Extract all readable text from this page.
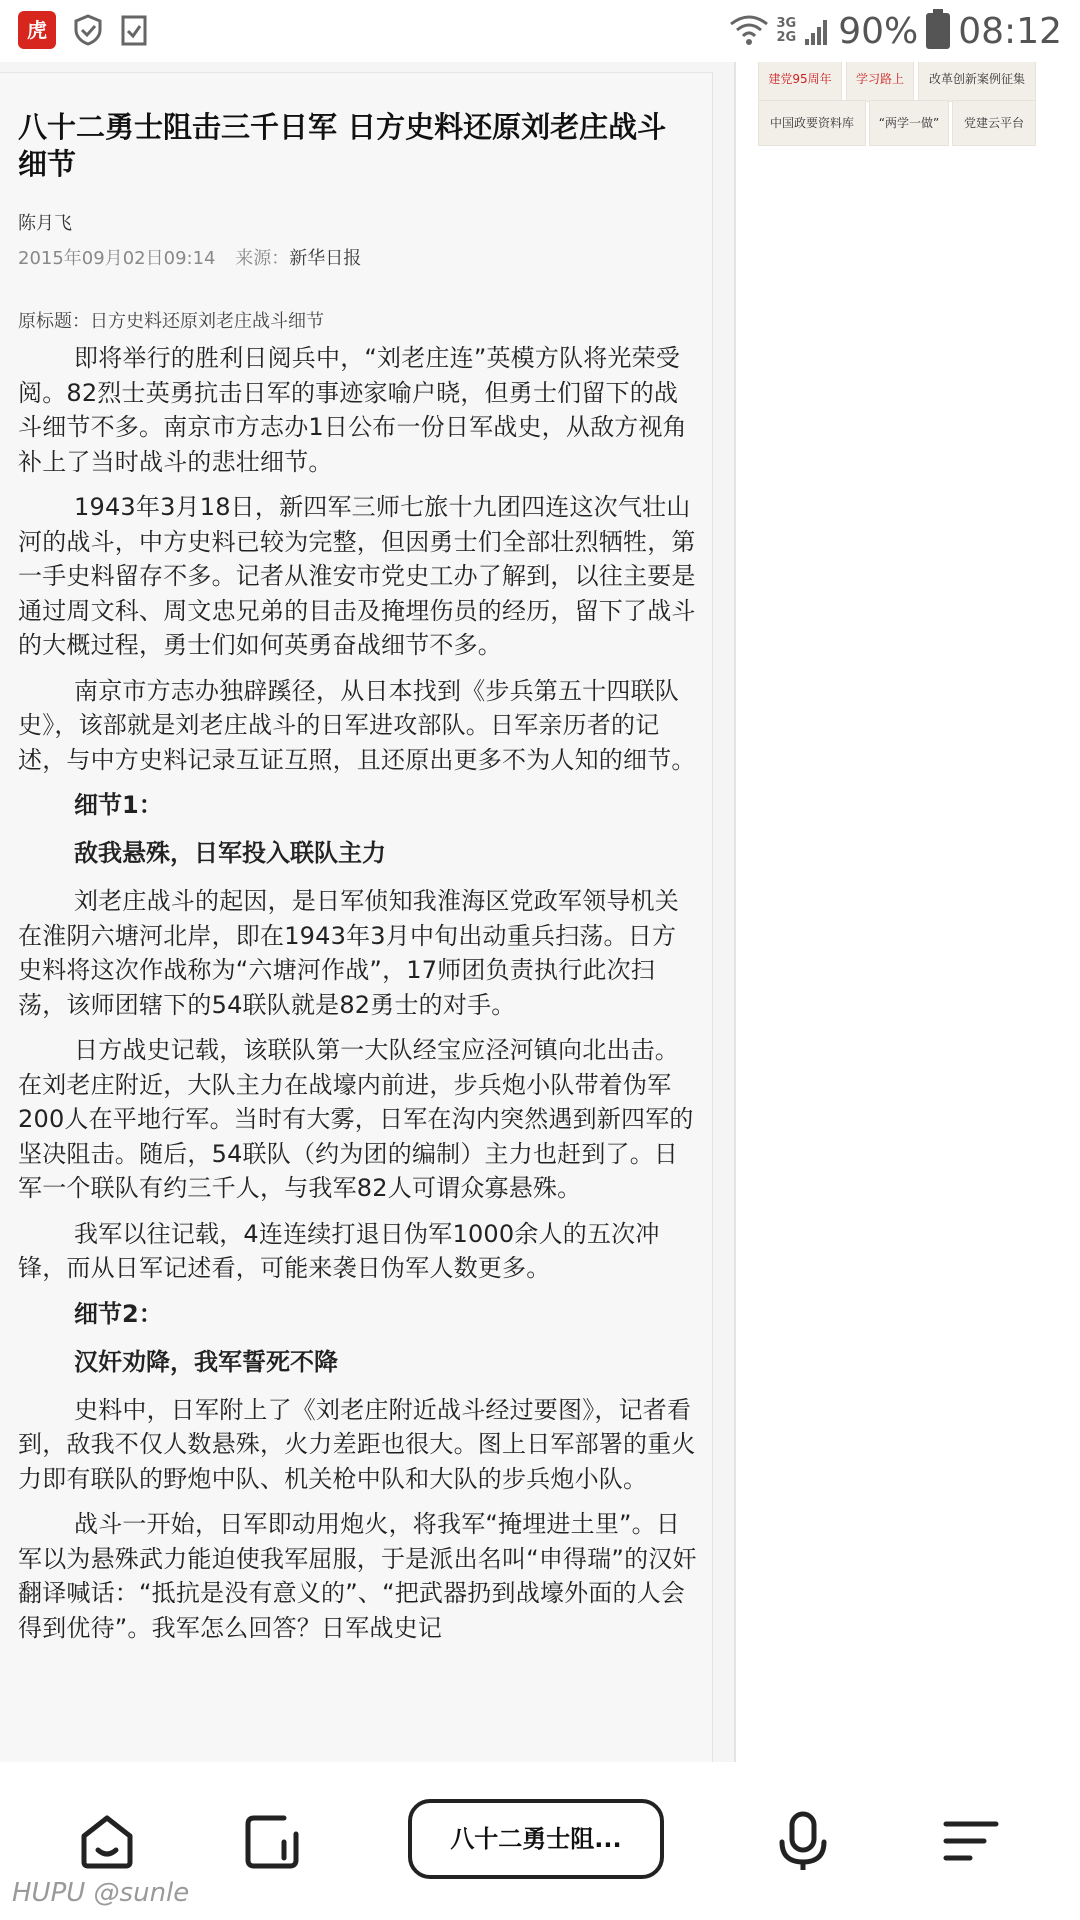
虎	3G
2G 90% 08:12
八十二勇士阻击三千日军 日方史料还原刘老庄战斗细节
陈月飞
2015年09月02日09:14 来源：新华日报
原标题：日方史料还原刘老庄战斗细节
即将举行的胜利日阅兵中，“刘老庄连”英模方队将光荣受阅。82烈士英勇抗击日军的事迹家喻户晓，但勇士们留下的战斗细节不多。南京市方志办1日公布一份日军战史，从敌方视角补上了当时战斗的悲壮细节。
1943年3月18日，新四军三师七旅十九团四连这次气壮山河的战斗，中方史料已较为完整，但因勇士们全部壮烈牺牲，第一手史料留存不多。记者从淮安市党史工办了解到，以往主要是通过周文科、周文忠兄弟的目击及掩埋伤员的经历，留下了战斗的大概过程，勇士们如何英勇奋战细节不多。
南京市方志办独辟蹊径，从日本找到《步兵第五十四联队史》，该部就是刘老庄战斗的日军进攻部队。日军亲历者的记述，与中方史料记录互证互照，且还原出更多不为人知的细节。
细节1：
敌我悬殊，日军投入联队主力
刘老庄战斗的起因，是日军侦知我淮海区党政军领导机关在淮阴六塘河北岸，即在1943年3月中旬出动重兵扫荡。日方史料将这次作战称为“六塘河作战”，17师团负责执行此次扫荡，该师团辖下的54联队就是82勇士的对手。
日方战史记载，该联队第一大队经宝应泾河镇向北出击。在刘老庄附近，大队主力在战壕内前进，步兵炮小队带着伪军200人在平地行军。当时有大雾，日军在沟内突然遇到新四军的坚决阻击。随后，54联队（约为团的编制）主力也赶到了。日军一个联队有约三千人，与我军82人可谓众寡悬殊。
我军以往记载，4连连续打退日伪军1000余人的五次冲锋，而从日军记述看，可能来袭日伪军人数更多。
细节2：
汉奸劝降，我军誓死不降
史料中，日军附上了《刘老庄附近战斗经过要图》，记者看到，敌我不仅人数悬殊，火力差距也很大。图上日军部署的重火力即有联队的野炮中队、机关枪中队和大队的步兵炮小队。
战斗一开始，日军即动用炮火，将我军“掩埋进土里”。日军以为悬殊武力能迫使我军屈服，于是派出名叫“申得瑞”的汉奸翻译喊话：“抵抗是没有意义的”、“把武器扔到战壕外面的人会得到优待”。我军怎么回答？日军战史记
建党95周年	学习路上	改革创新案例征集
中国政要资料库	“两学一做”	党建云平台
八十二勇士阻...
HUPU @sunle
